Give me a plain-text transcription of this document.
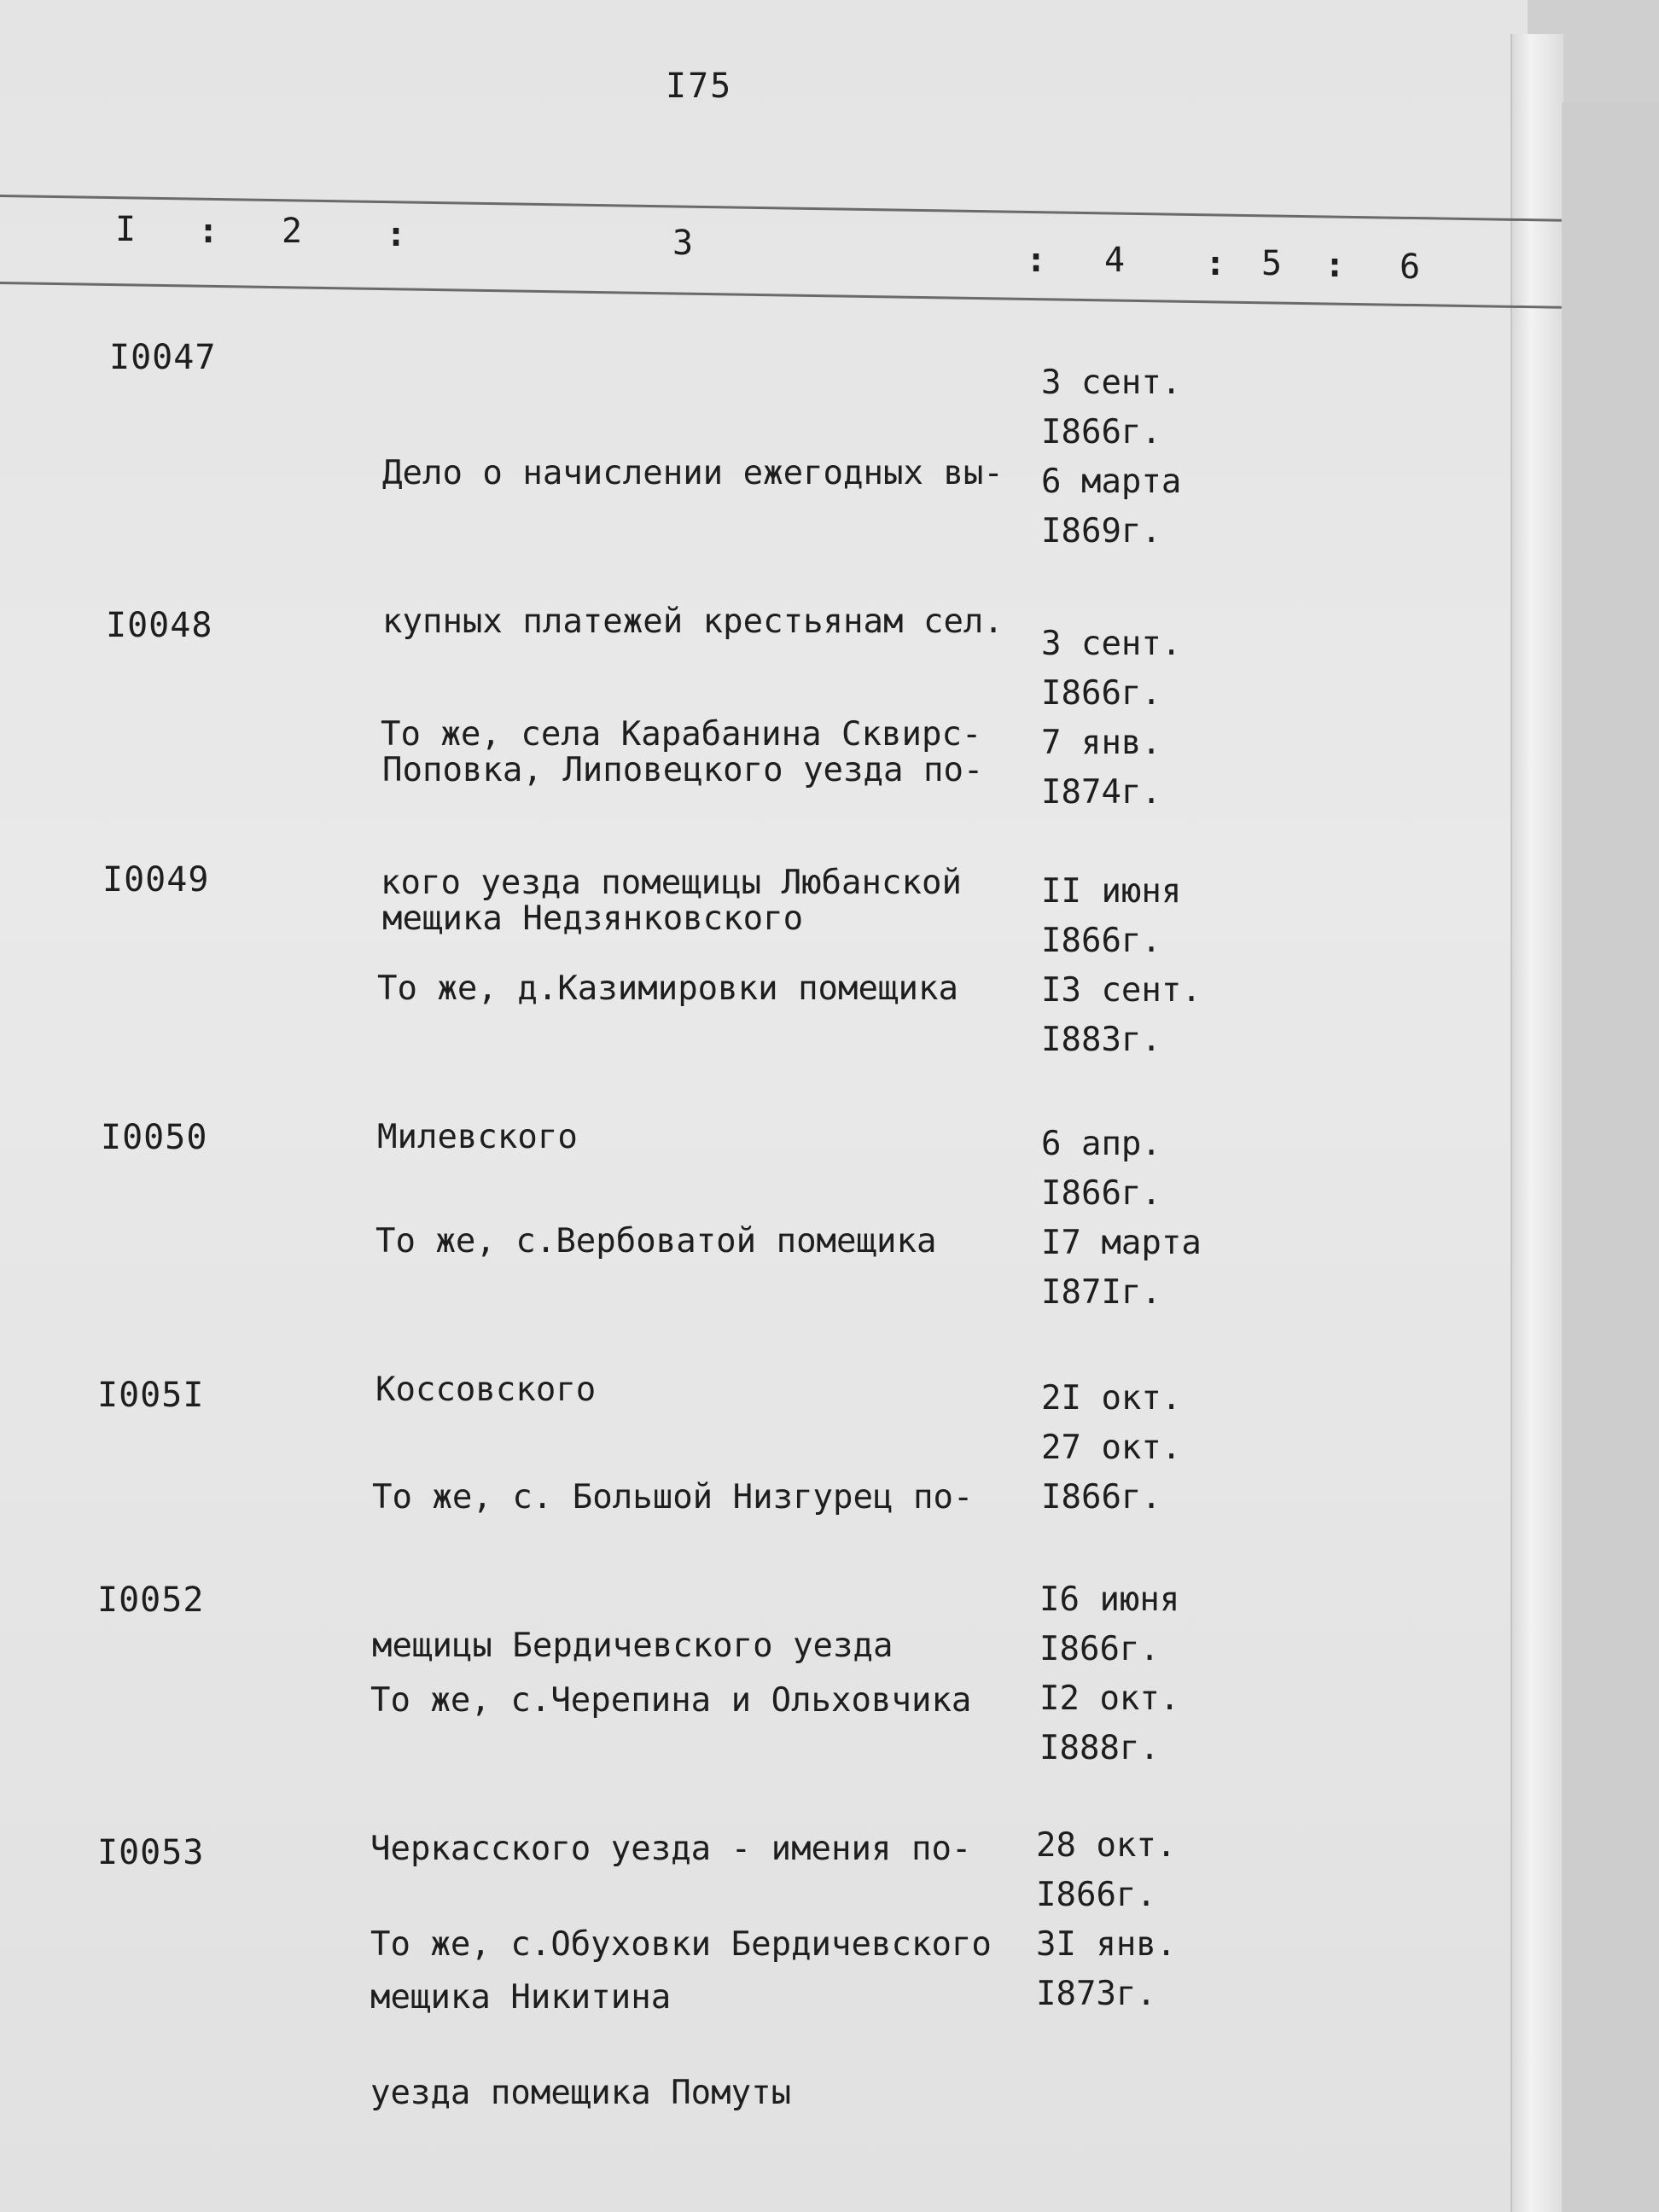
I75
I : 2 :	3	: 4 : 5 : 6
I0047

Дело о начислении ежегодных вы-

купных платежей крестьянам сел.

Поповка, Липовецкого уезда по-

мещика Недзянковского

3 сент.
I866г.
6 марта
I869г.
I0048

То же, села Карабанина Сквирс-

кого уезда помещицы Любанской

3 сент.
I866г.
7 янв.
I874г.
I0049

То же, д.Казимировки помещика

Милевского

II июня
I866г.
I3 сент.
I883г.
I0050

То же, с.Вербоватой помещика

Коссовского

6 апр.
I866г.
I7 марта
I87Iг.
I005I

То же, с. Большой Низгурец по-

мещицы Бердичевского уезда

2I окт.
27 окт.
I866г.
I0052

То же, с.Черепина и Ольховчика

Черкасского уезда - имения по-

мещика Никитина

I6 июня
I866г.
I2 окт.
I888г.
I0053

То же, с.Обуховки Бердичевского

уезда помещика Помуты

28 окт.
I866г.
3I янв.
I873г.
